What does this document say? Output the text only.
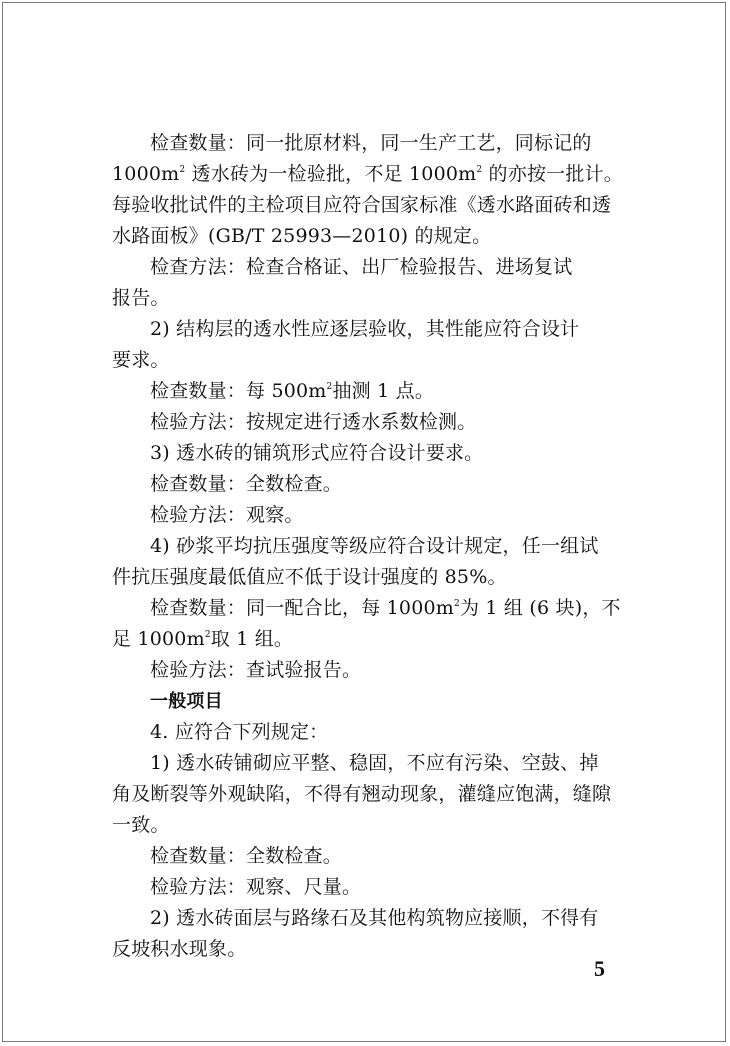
检查数量：同一批原材料，同一生产工艺，同标记的
$1000m^2$ 透水砖为一检验批，不足 $1000m^2$ 的亦按一批计。
每验收批试件的主检项目应符合国家标准《透水路面砖和透
水路面板》(GB/T 25993—2010) 的规定。
检查方法：检查合格证、出厂检验报告、进场复试
报告。
2) 结构层的透水性应逐层验收，其性能应符合设计
要求。
检查数量：每 $500m^2$抽测 1 点。
检验方法：按规定进行透水系数检测。
3) 透水砖的铺筑形式应符合设计要求。
检查数量：全数检查。
检验方法：观察。
4) 砂浆平均抗压强度等级应符合设计规定，任一组试
件抗压强度最低值应不低于设计强度的 85%。
检查数量：同一配合比，每 $1000m^2$为 1 组 (6 块)，不
足 $1000m^2$取 1 组。
检验方法：查试验报告。
一般项目
4. 应符合下列规定：
1) 透水砖铺砌应平整、稳固，不应有污染、空鼓、掉
角及断裂等外观缺陷，不得有翘动现象，灌缝应饱满，缝隙
一致。
检查数量：全数检查。
检验方法：观察、尺量。
2) 透水砖面层与路缘石及其他构筑物应接顺，不得有
反坡积水现象。
5
